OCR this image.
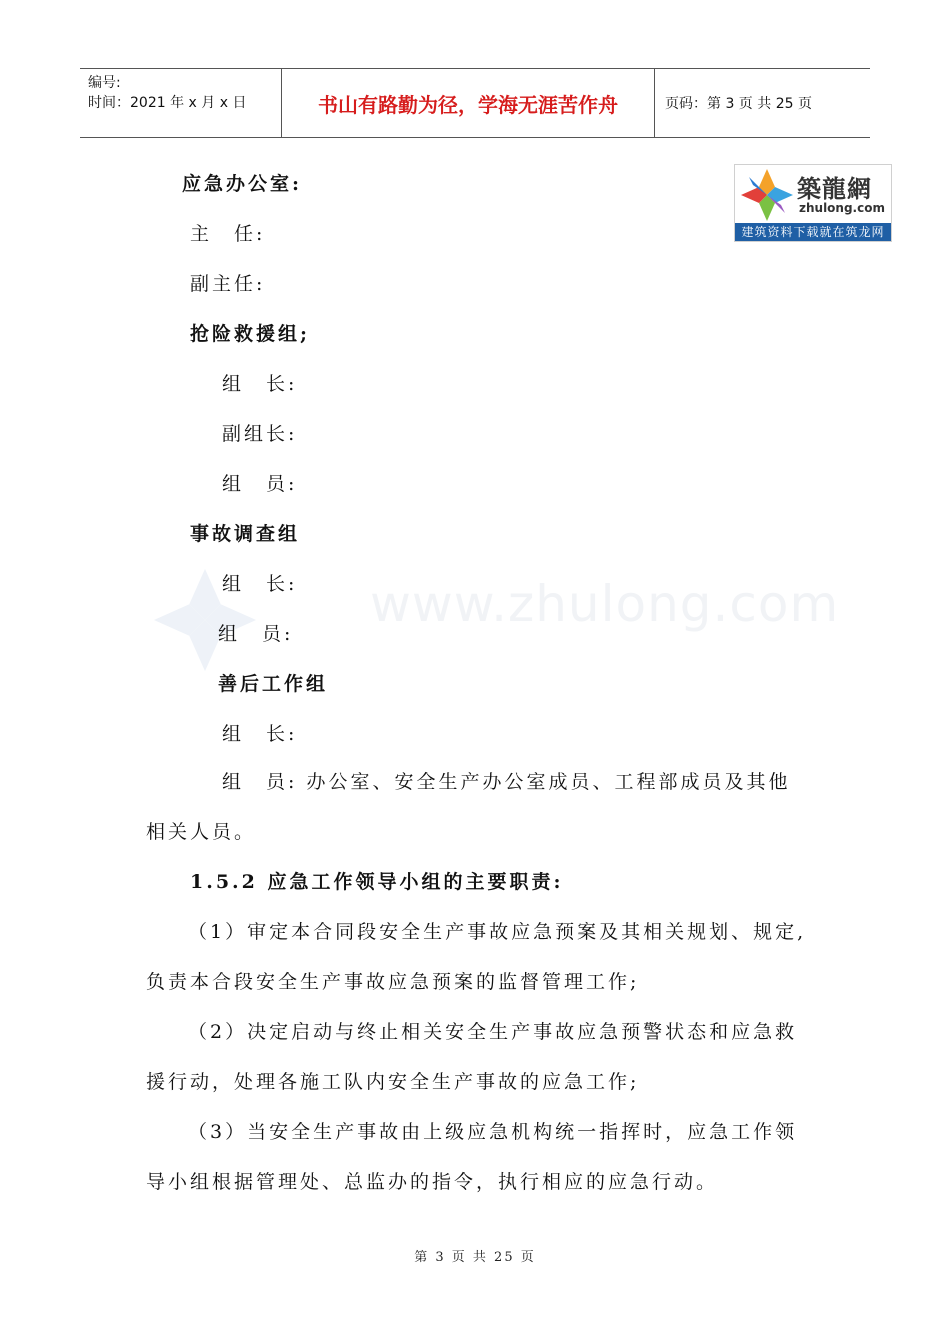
编号:
时间：2021 年 x 月 x 日	书山有路勤为径，学海无涯苦作舟	页码：第 3 页 共 25 页
築龍網
zhulong.com
建筑资料下载就在筑龙网
www.zhulong.com
应急办公室:
主　任:
副主任:
抢险救援组;
组　长:
副组长:
组　员:
事故调查组
组　长:
组　员:
善后工作组
组　长:
组　员: 办公室、安全生产办公室成员、工程部成员及其他
相关人员。
1.5.2 应急工作领导小组的主要职责:
（1）审定本合同段安全生产事故应急预案及其相关规划、规定,
负责本合段安全生产事故应急预案的监督管理工作;
（2）决定启动与终止相关安全生产事故应急预警状态和应急救
援行动，处理各施工队内安全生产事故的应急工作;
（3）当安全生产事故由上级应急机构统一指挥时，应急工作领
导小组根据管理处、总监办的指令，执行相应的应急行动。
第 3 页 共 25 页
